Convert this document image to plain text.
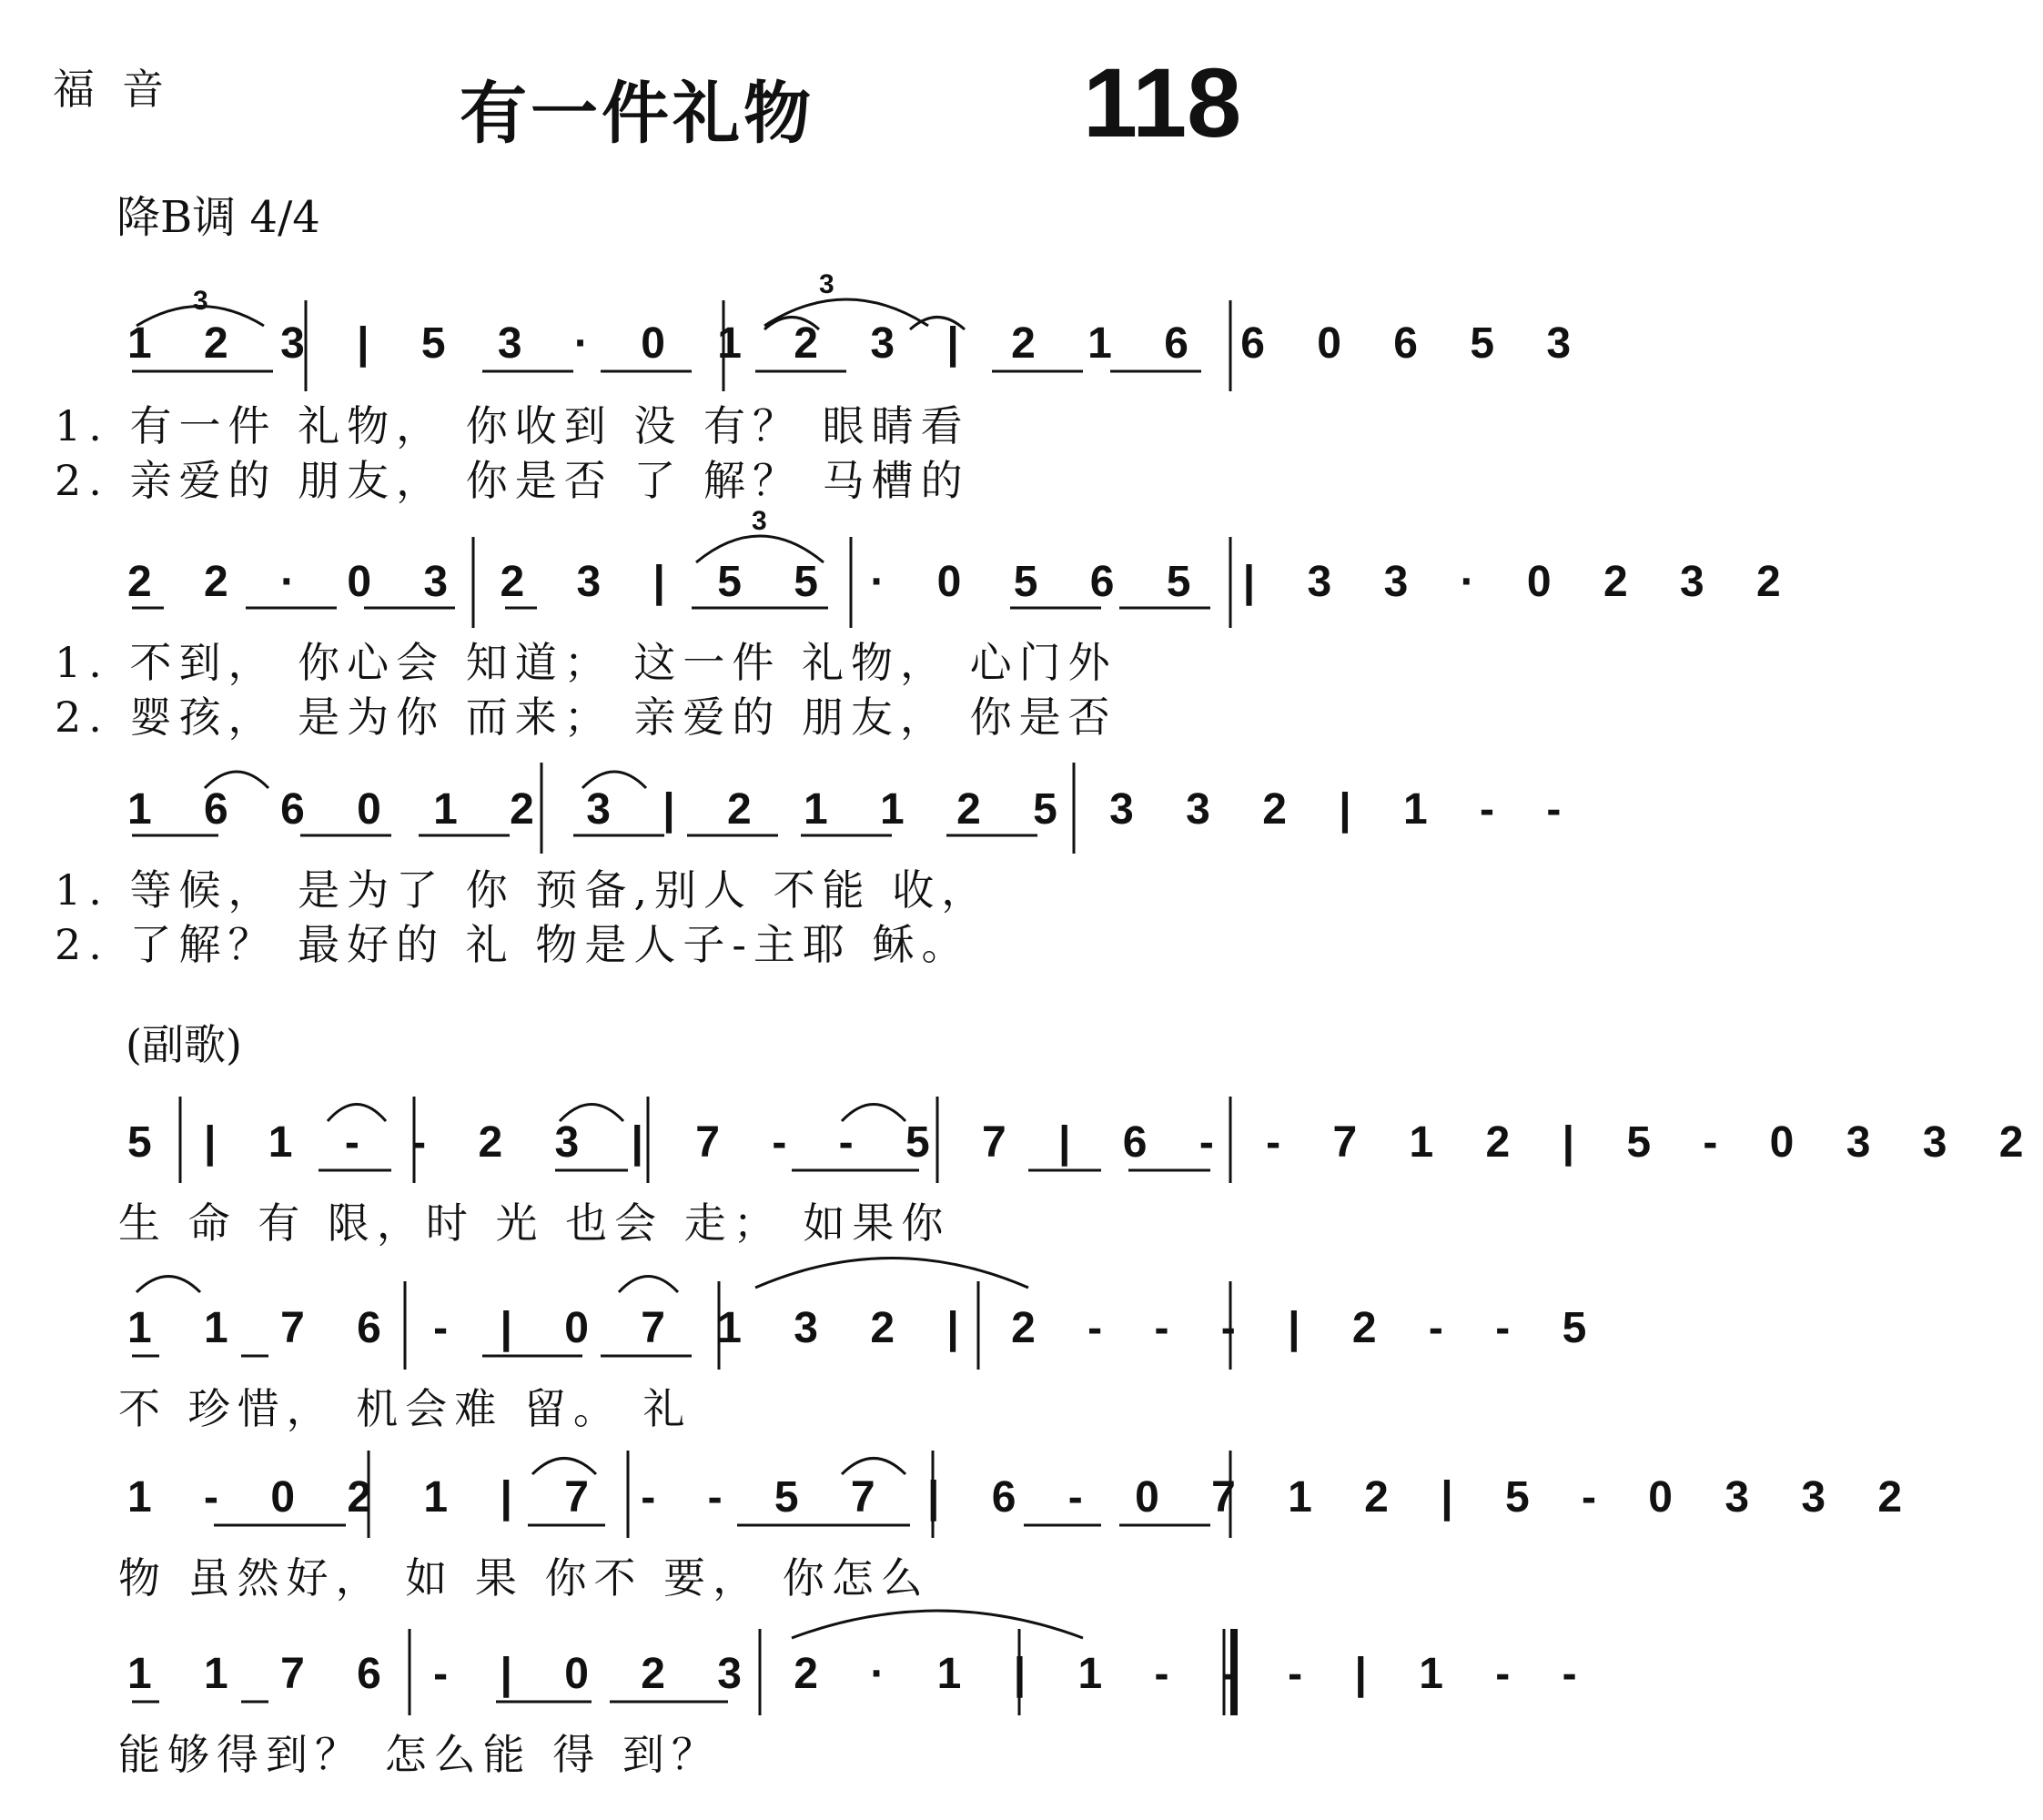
福音	有一件礼物	118
降B调 4/4
1 2 3 | 5 3 · 0 1 2 3 | 2 1 6 6 0 6 5 3
1. 有一件 礼物， 你收到 没 有？ 眼睛看
2. 亲爱的 朋友， 你是否 了 解？ 马槽的
2 2 · 0 3 2 3 | 5 5 · 0 5 6 5 | 3 3 · 0 2 3 2
1. 不到， 你心会 知道； 这一件 礼物， 心门外
2. 婴孩， 是为你 而来； 亲爱的 朋友， 你是否
1 6 6 0 1 2 3 | 2 1 1 2 5 3 3 2 | 1 - -
1. 等候， 是为了 你 预备,别人 不能 收，
2. 了解？ 最好的 礼 物是人子-主耶 稣。
(副歌)
5 | 1 - - 2 3 | 7 - - 5 7 | 6 - - 7 1 2 | 5 - 0 3 3 2
生 命 有 限，时 光 也会 走； 如果你
1 1 7 6 - | 0 7 1 3 2 | 2 - - - | 2 - - 5
不 珍惜， 机会难 留。 礼
1 - 0 2 1 | 7 - - 5 7 | 6 - 0 7 1 2 | 5 - 0 3 3 2
物 虽然好， 如 果 你不 要， 你怎么
1 1 7 6 - | 0 2 3 2 · 1 | 1 - - - | 1 - -
能够得到？ 怎么能 得 到？
3
3
3
